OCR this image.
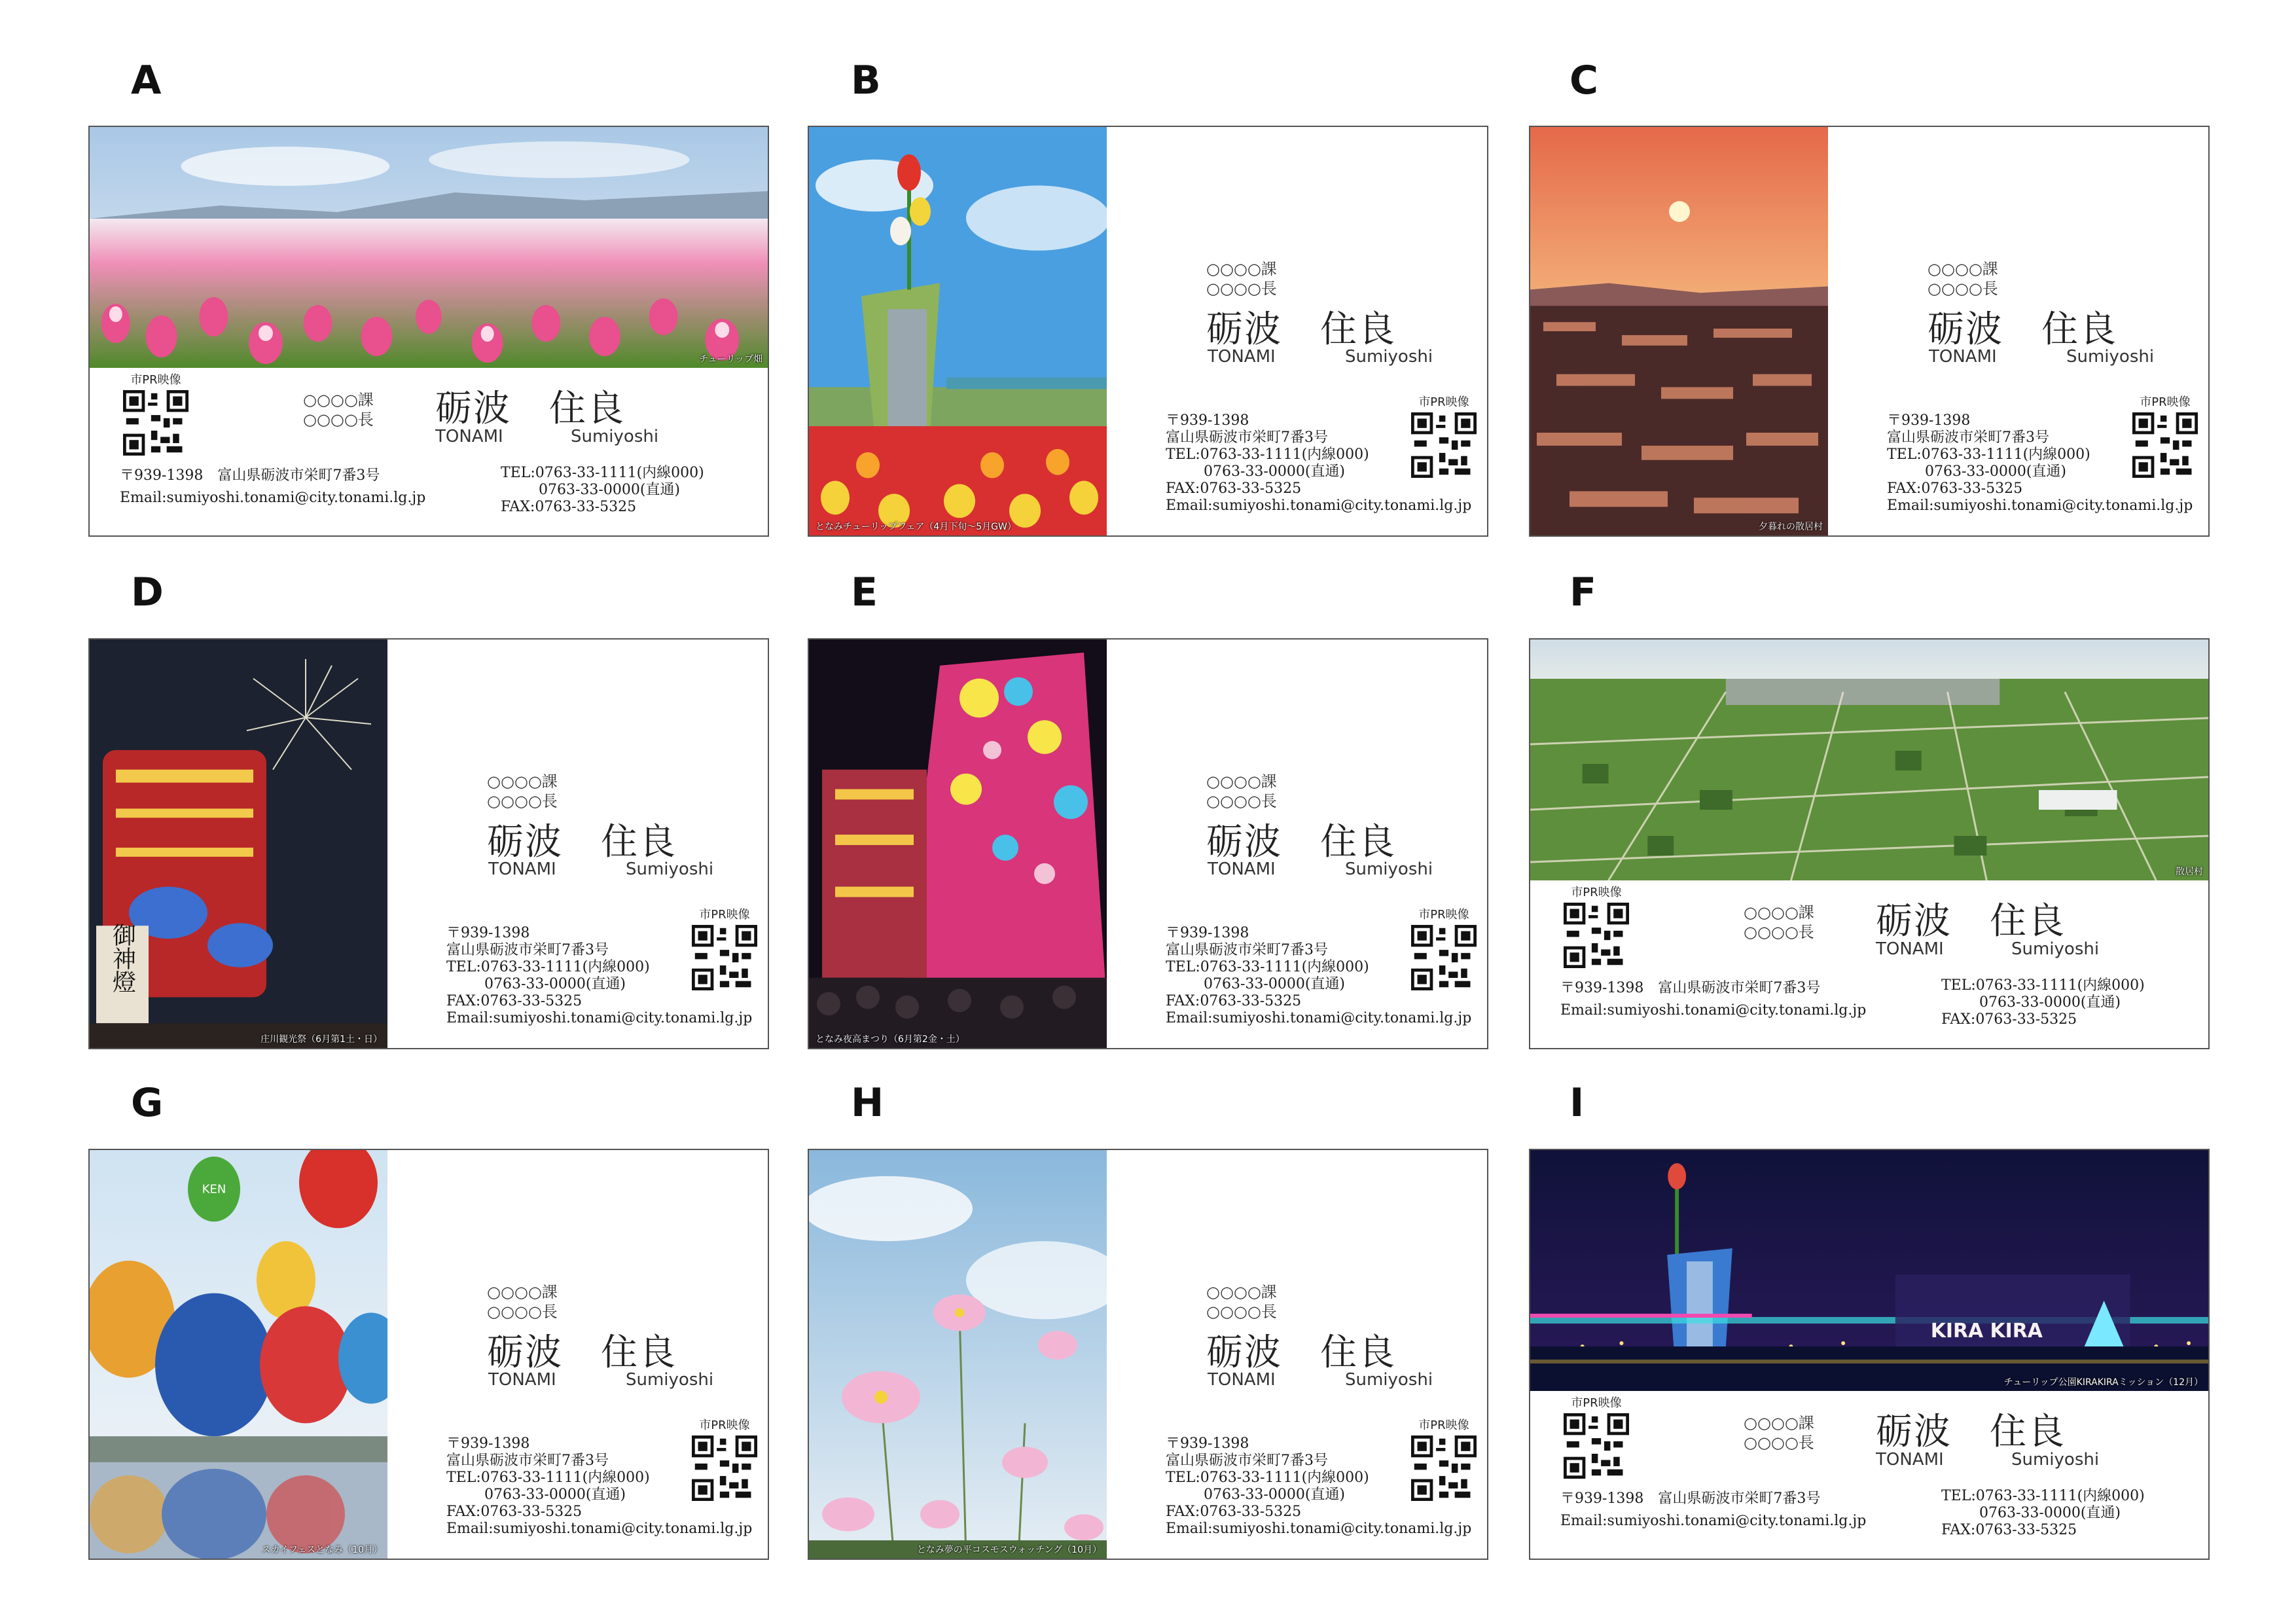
A	B	C
D	E	F
G	H	I
チューリップ畑
市PR映像
○○○○課
○○○○長 砺波　住良
TONAMI	Sumiyoshi
〒939-1398　富山県砺波市栄町7番3号
Email:sumiyoshi.tonami@city.tonami.lg.jp
TEL:0763-33-1111(内線000)
0763-33-0000(直通)
FAX:0763-33-5325
となみチューリップフェア（4月下旬〜5月GW）
○○○○課
○○○○長
砺波　住良
TONAMI	Sumiyoshi
市PR映像
〒939-1398
富山県砺波市栄町7番3号
TEL:0763-33-1111(内線000)
0763-33-0000(直通)
FAX:0763-33-5325
Email:sumiyoshi.tonami@city.tonami.lg.jp
夕暮れの散居村
○○○○課
○○○○長
砺波　住良
TONAMI	Sumiyoshi
市PR映像
〒939-1398
富山県砺波市栄町7番3号
TEL:0763-33-1111(内線000)
0763-33-0000(直通)
FAX:0763-33-5325
Email:sumiyoshi.tonami@city.tonami.lg.jp
御神燈
庄川観光祭（6月第1土・日）
○○○○課
○○○○長
砺波　住良
TONAMI	Sumiyoshi
市PR映像
〒939-1398
富山県砺波市栄町7番3号
TEL:0763-33-1111(内線000)
0763-33-0000(直通)
FAX:0763-33-5325
Email:sumiyoshi.tonami@city.tonami.lg.jp
となみ夜高まつり（6月第2金・土）
○○○○課
○○○○長
砺波　住良
TONAMI	Sumiyoshi
市PR映像
〒939-1398
富山県砺波市栄町7番3号
TEL:0763-33-1111(内線000)
0763-33-0000(直通)
FAX:0763-33-5325
Email:sumiyoshi.tonami@city.tonami.lg.jp
散居村
市PR映像
○○○○課
○○○○長 砺波　住良
TONAMI	Sumiyoshi
〒939-1398　富山県砺波市栄町7番3号
Email:sumiyoshi.tonami@city.tonami.lg.jp
TEL:0763-33-1111(内線000)
0763-33-0000(直通)
FAX:0763-33-5325
KEN
スカイフェスとなみ（10月）
○○○○課
○○○○長
砺波　住良
TONAMI	Sumiyoshi
市PR映像
〒939-1398
富山県砺波市栄町7番3号
TEL:0763-33-1111(内線000)
0763-33-0000(直通)
FAX:0763-33-5325
Email:sumiyoshi.tonami@city.tonami.lg.jp
となみ夢の平コスモスウォッチング（10月）
○○○○課
○○○○長
砺波　住良
TONAMI	Sumiyoshi
市PR映像
〒939-1398
富山県砺波市栄町7番3号
TEL:0763-33-1111(内線000)
0763-33-0000(直通)
FAX:0763-33-5325
Email:sumiyoshi.tonami@city.tonami.lg.jp
KIRA KIRA
チューリップ公園KIRAKIRAミッション（12月）
市PR映像
○○○○課
○○○○長 砺波　住良
TONAMI	Sumiyoshi
〒939-1398　富山県砺波市栄町7番3号
Email:sumiyoshi.tonami@city.tonami.lg.jp
TEL:0763-33-1111(内線000)
0763-33-0000(直通)
FAX:0763-33-5325
